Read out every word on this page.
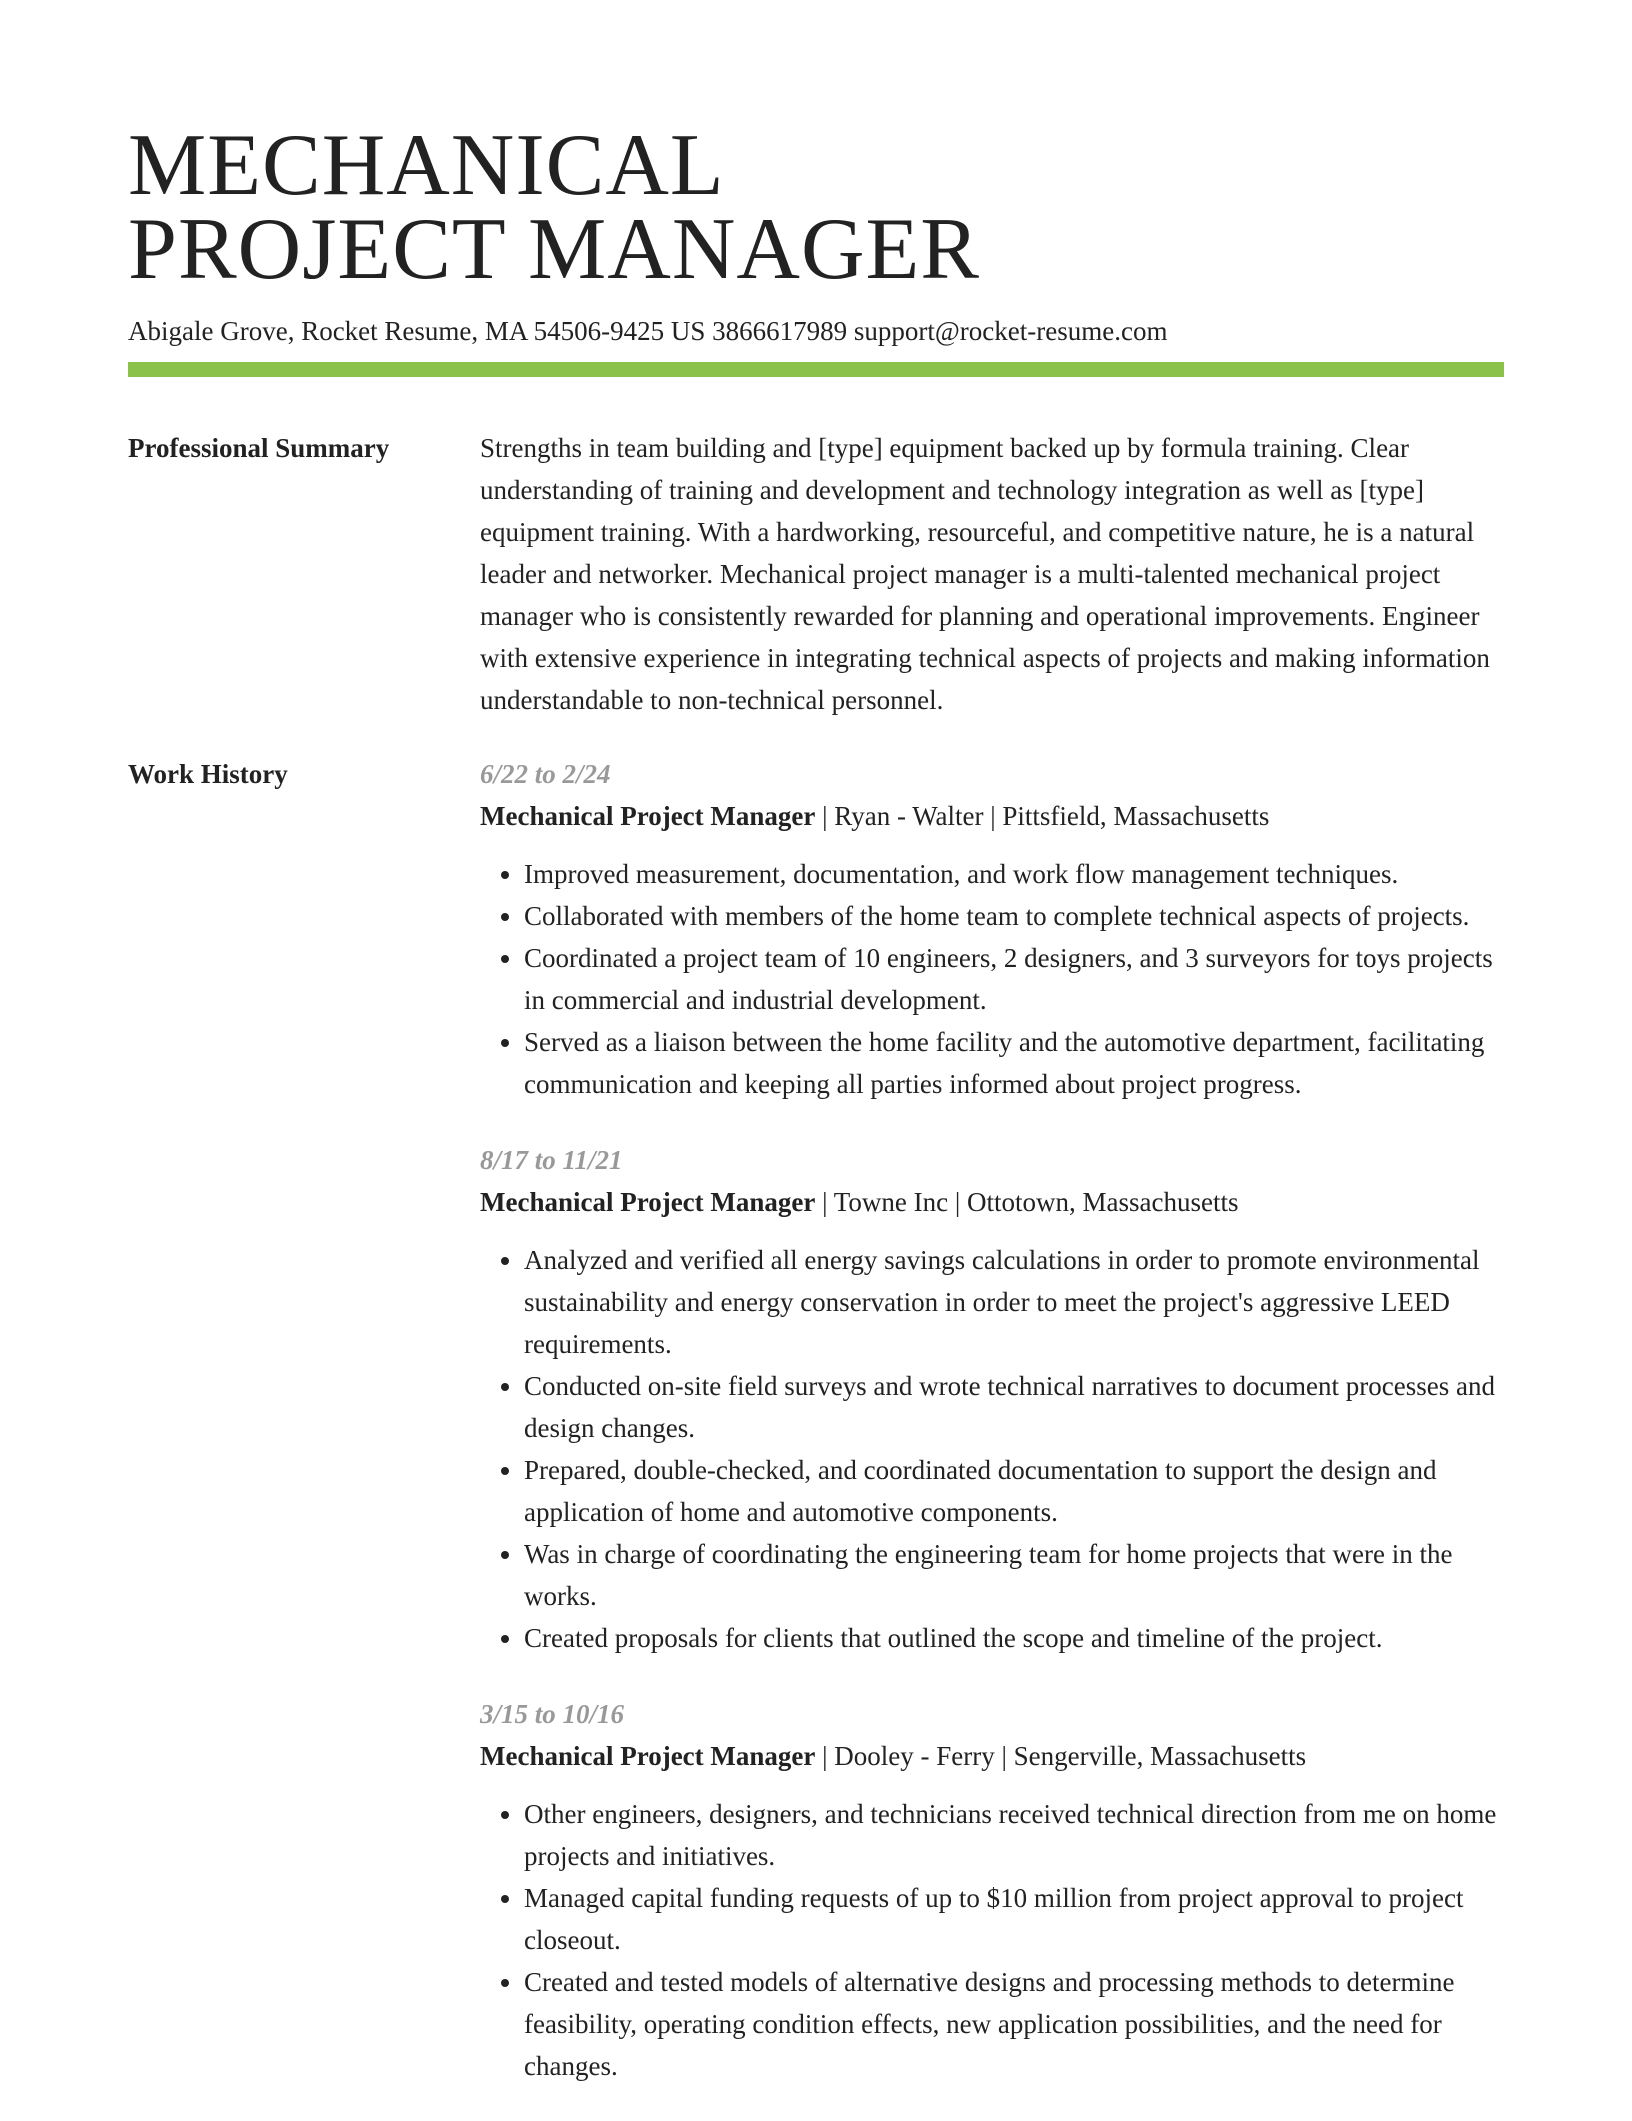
MECHANICAL
PROJECT MANAGER
Abigale Grove, Rocket Resume, MA 54506-9425 US 3866617989 support@rocket-resume.com
Professional Summary	Strengths in team building and [type] equipment backed up by formula training. Clear understanding of training and development and technology integration as well as [type] equipment training. With a hardworking, resourceful, and competitive nature, he is a natural leader and networker. Mechanical project manager is a multi-talented mechanical project manager who is consistently rewarded for planning and operational improvements. Engineer with extensive experience in integrating technical aspects of projects and making information understandable to non-technical personnel.
Work History	6/22 to 2/24
Mechanical Project Manager | Ryan - Walter | Pittsfield, Massachusetts
• Improved measurement, documentation, and work flow management techniques.
• Collaborated with members of the home team to complete technical aspects of projects.
• Coordinated a project team of 10 engineers, 2 designers, and 3 surveyors for toys projects in commercial and industrial development.
• Served as a liaison between the home facility and the automotive department, facilitating communication and keeping all parties informed about project progress.
8/17 to 11/21
Mechanical Project Manager | Towne Inc | Ottotown, Massachusetts
• Analyzed and verified all energy savings calculations in order to promote environmental sustainability and energy conservation in order to meet the project's aggressive LEED requirements.
• Conducted on-site field surveys and wrote technical narratives to document processes and design changes.
• Prepared, double-checked, and coordinated documentation to support the design and application of home and automotive components.
• Was in charge of coordinating the engineering team for home projects that were in the works.
• Created proposals for clients that outlined the scope and timeline of the project.
3/15 to 10/16
Mechanical Project Manager | Dooley - Ferry | Sengerville, Massachusetts
• Other engineers, designers, and technicians received technical direction from me on home projects and initiatives.
• Managed capital funding requests of up to $10 million from project approval to project closeout.
• Created and tested models of alternative designs and processing methods to determine feasibility, operating condition effects, new application possibilities, and the need for changes.
